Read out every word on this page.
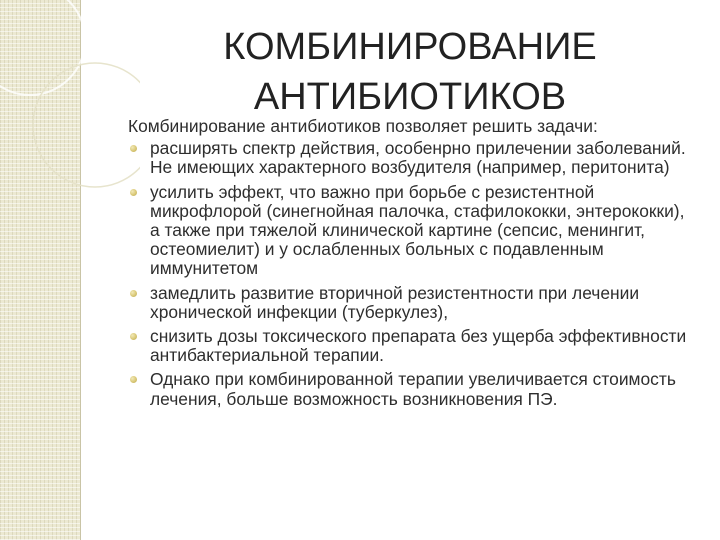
КОМБИНИРОВАНИЕ
АНТИБИОТИКОВ
Комбинирование антибиотиков позволяет решить задачи:
расширять спектр действия, особенрно прилечении заболеваний. Не имеющих характерного возбудителя (например, перитонита)
усилить эффект, что важно при борьбе с резистентной микрофлорой (синегнойная палочка, стафилококки, энтерококки), а также при тяжелой клинической картине (сепсис, менингит, остеомиелит) и у ослабленных больных с подавленным иммунитетом
замедлить развитие вторичной резистентности при лечении хронической инфекции (туберкулез),
снизить дозы токсического препарата без ущерба эффективности антибактериальной терапии.
Однако при комбинированной терапии увеличивается стоимость лечения, больше возможность возникновения ПЭ.
